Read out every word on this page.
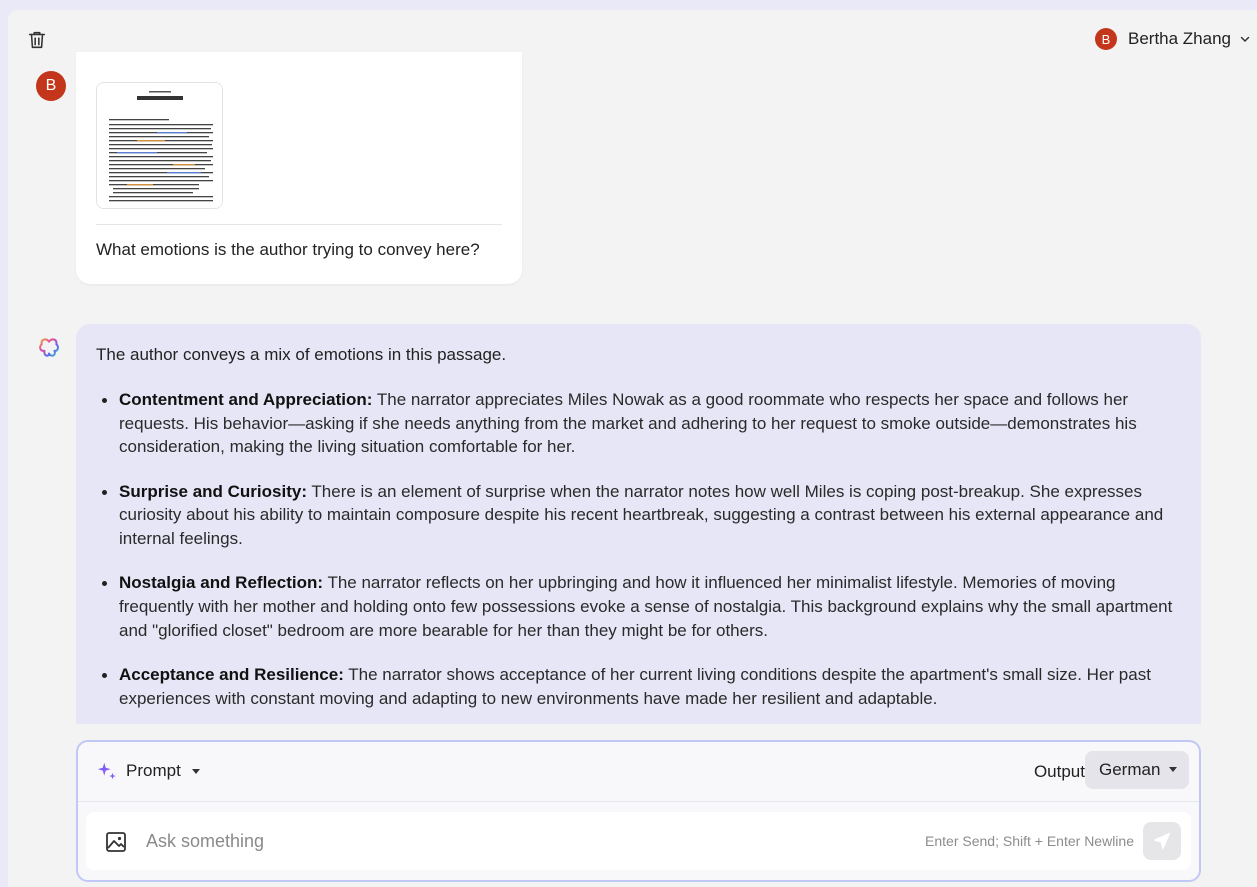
B	Bertha Zhang
B
What emotions is the author trying to convey here?
The author conveys a mix of emotions in this passage.
Contentment and Appreciation: The narrator appreciates Miles Nowak as a good roommate who respects her space and follows her requests. His behavior—asking if she needs anything from the market and adhering to her request to smoke outside—demonstrates his consideration, making the living situation comfortable for her.
Surprise and Curiosity: There is an element of surprise when the narrator notes how well Miles is coping post-breakup. She expresses curiosity about his ability to maintain composure despite his recent heartbreak, suggesting a contrast between his external appearance and internal feelings.
Nostalgia and Reflection: The narrator reflects on her upbringing and how it influenced her minimalist lifestyle. Memories of moving frequently with her mother and holding onto few possessions evoke a sense of nostalgia. This background explains why the small apartment and "glorified closet" bedroom are more bearable for her than they might be for others.
Acceptance and Resilience: The narrator shows acceptance of her current living conditions despite the apartment's small size. Her past experiences with constant moving and adapting to new environments have made her resilient and adaptable.
Prompt	Output German
Ask something
Enter Send; Shift + Enter Newline
